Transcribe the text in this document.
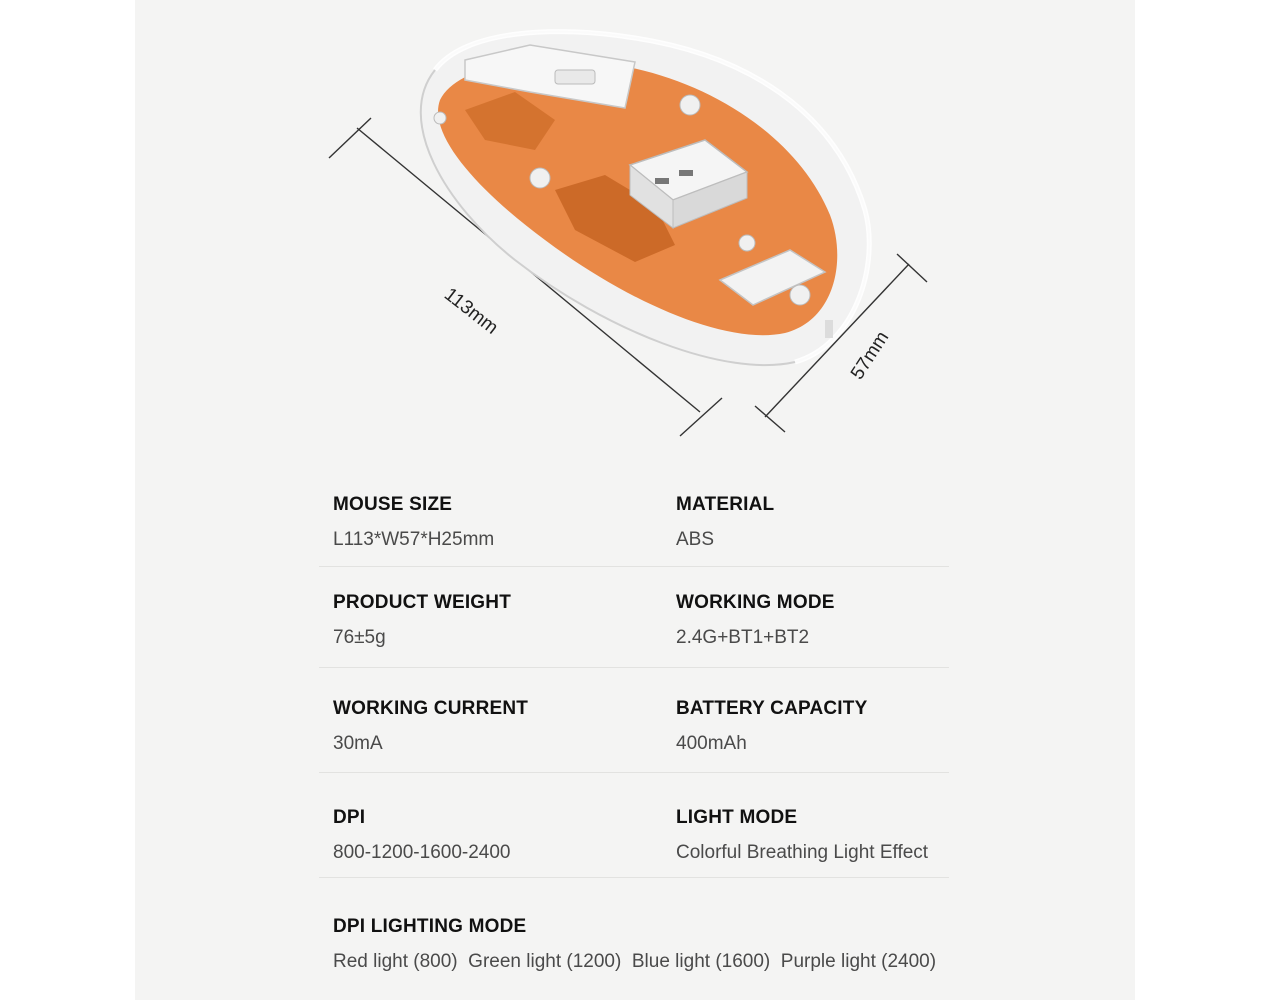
113mm
57mm
MOUSE SIZE
L113*W57*H25mm
MATERIAL
ABS
PRODUCT WEIGHT
76±5g
WORKING MODE
2.4G+BT1+BT2
WORKING CURRENT
30mA
BATTERY CAPACITY
400mAh
DPI
800-1200-1600-2400
LIGHT MODE
Colorful Breathing Light Effect
DPI LIGHTING MODE
Red light (800)  Green light (1200)  Blue light (1600)  Purple light (2400)
